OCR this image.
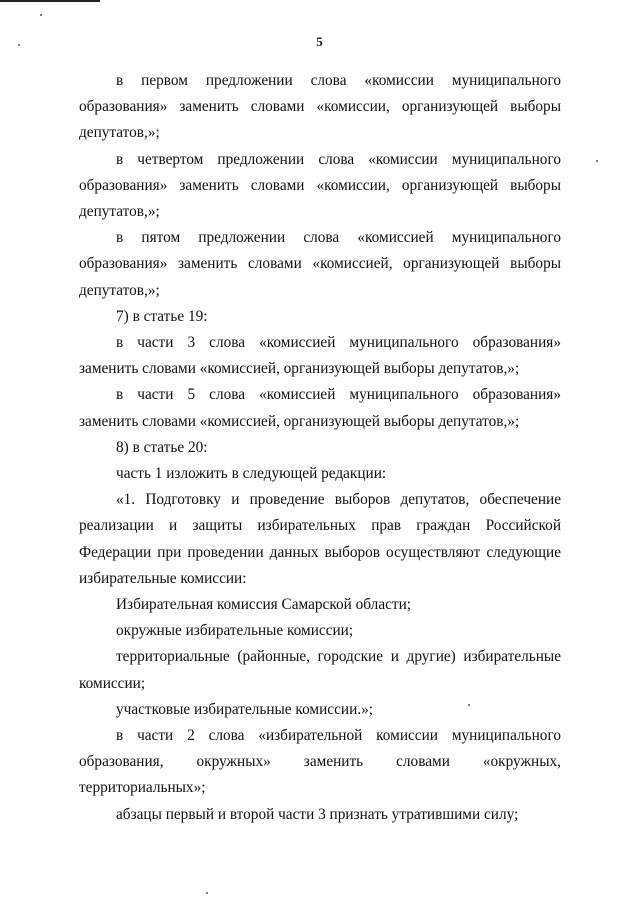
5

в первом предложении слова «комиссии муниципального образования» заменить словами «комиссии, организующей выборы депутатов,»;

в четвертом предложении слова «комиссии муниципального образования» заменить словами «комиссии, организующей выборы депутатов,»;

в пятом предложении слова «комиссией муниципального образования» заменить словами «комиссией, организующей выборы депутатов,»;

7) в статье 19:

в части 3 слова «комиссией муниципального образования» заменить словами «комиссией, организующей выборы депутатов,»;

в части 5 слова «комиссией муниципального образования» заменить словами «комиссией, организующей выборы депутатов,»;

8) в статье 20:

часть 1 изложить в следующей редакции:

«1. Подготовку и проведение выборов депутатов, обеспечение реализации и защиты избирательных прав граждан Российской Федерации при проведении данных выборов осуществляют следующие избирательные комиссии:

Избирательная комиссия Самарской области;

окружные избирательные комиссии;

территориальные (районные, городские и другие) избирательные комиссии;

участковые избирательные комиссии.»;

в части 2 слова «избирательной комиссии муниципального образования, окружных» заменить словами «окружных, территориальных»;

абзацы первый и второй части 3 признать утратившими силу;
